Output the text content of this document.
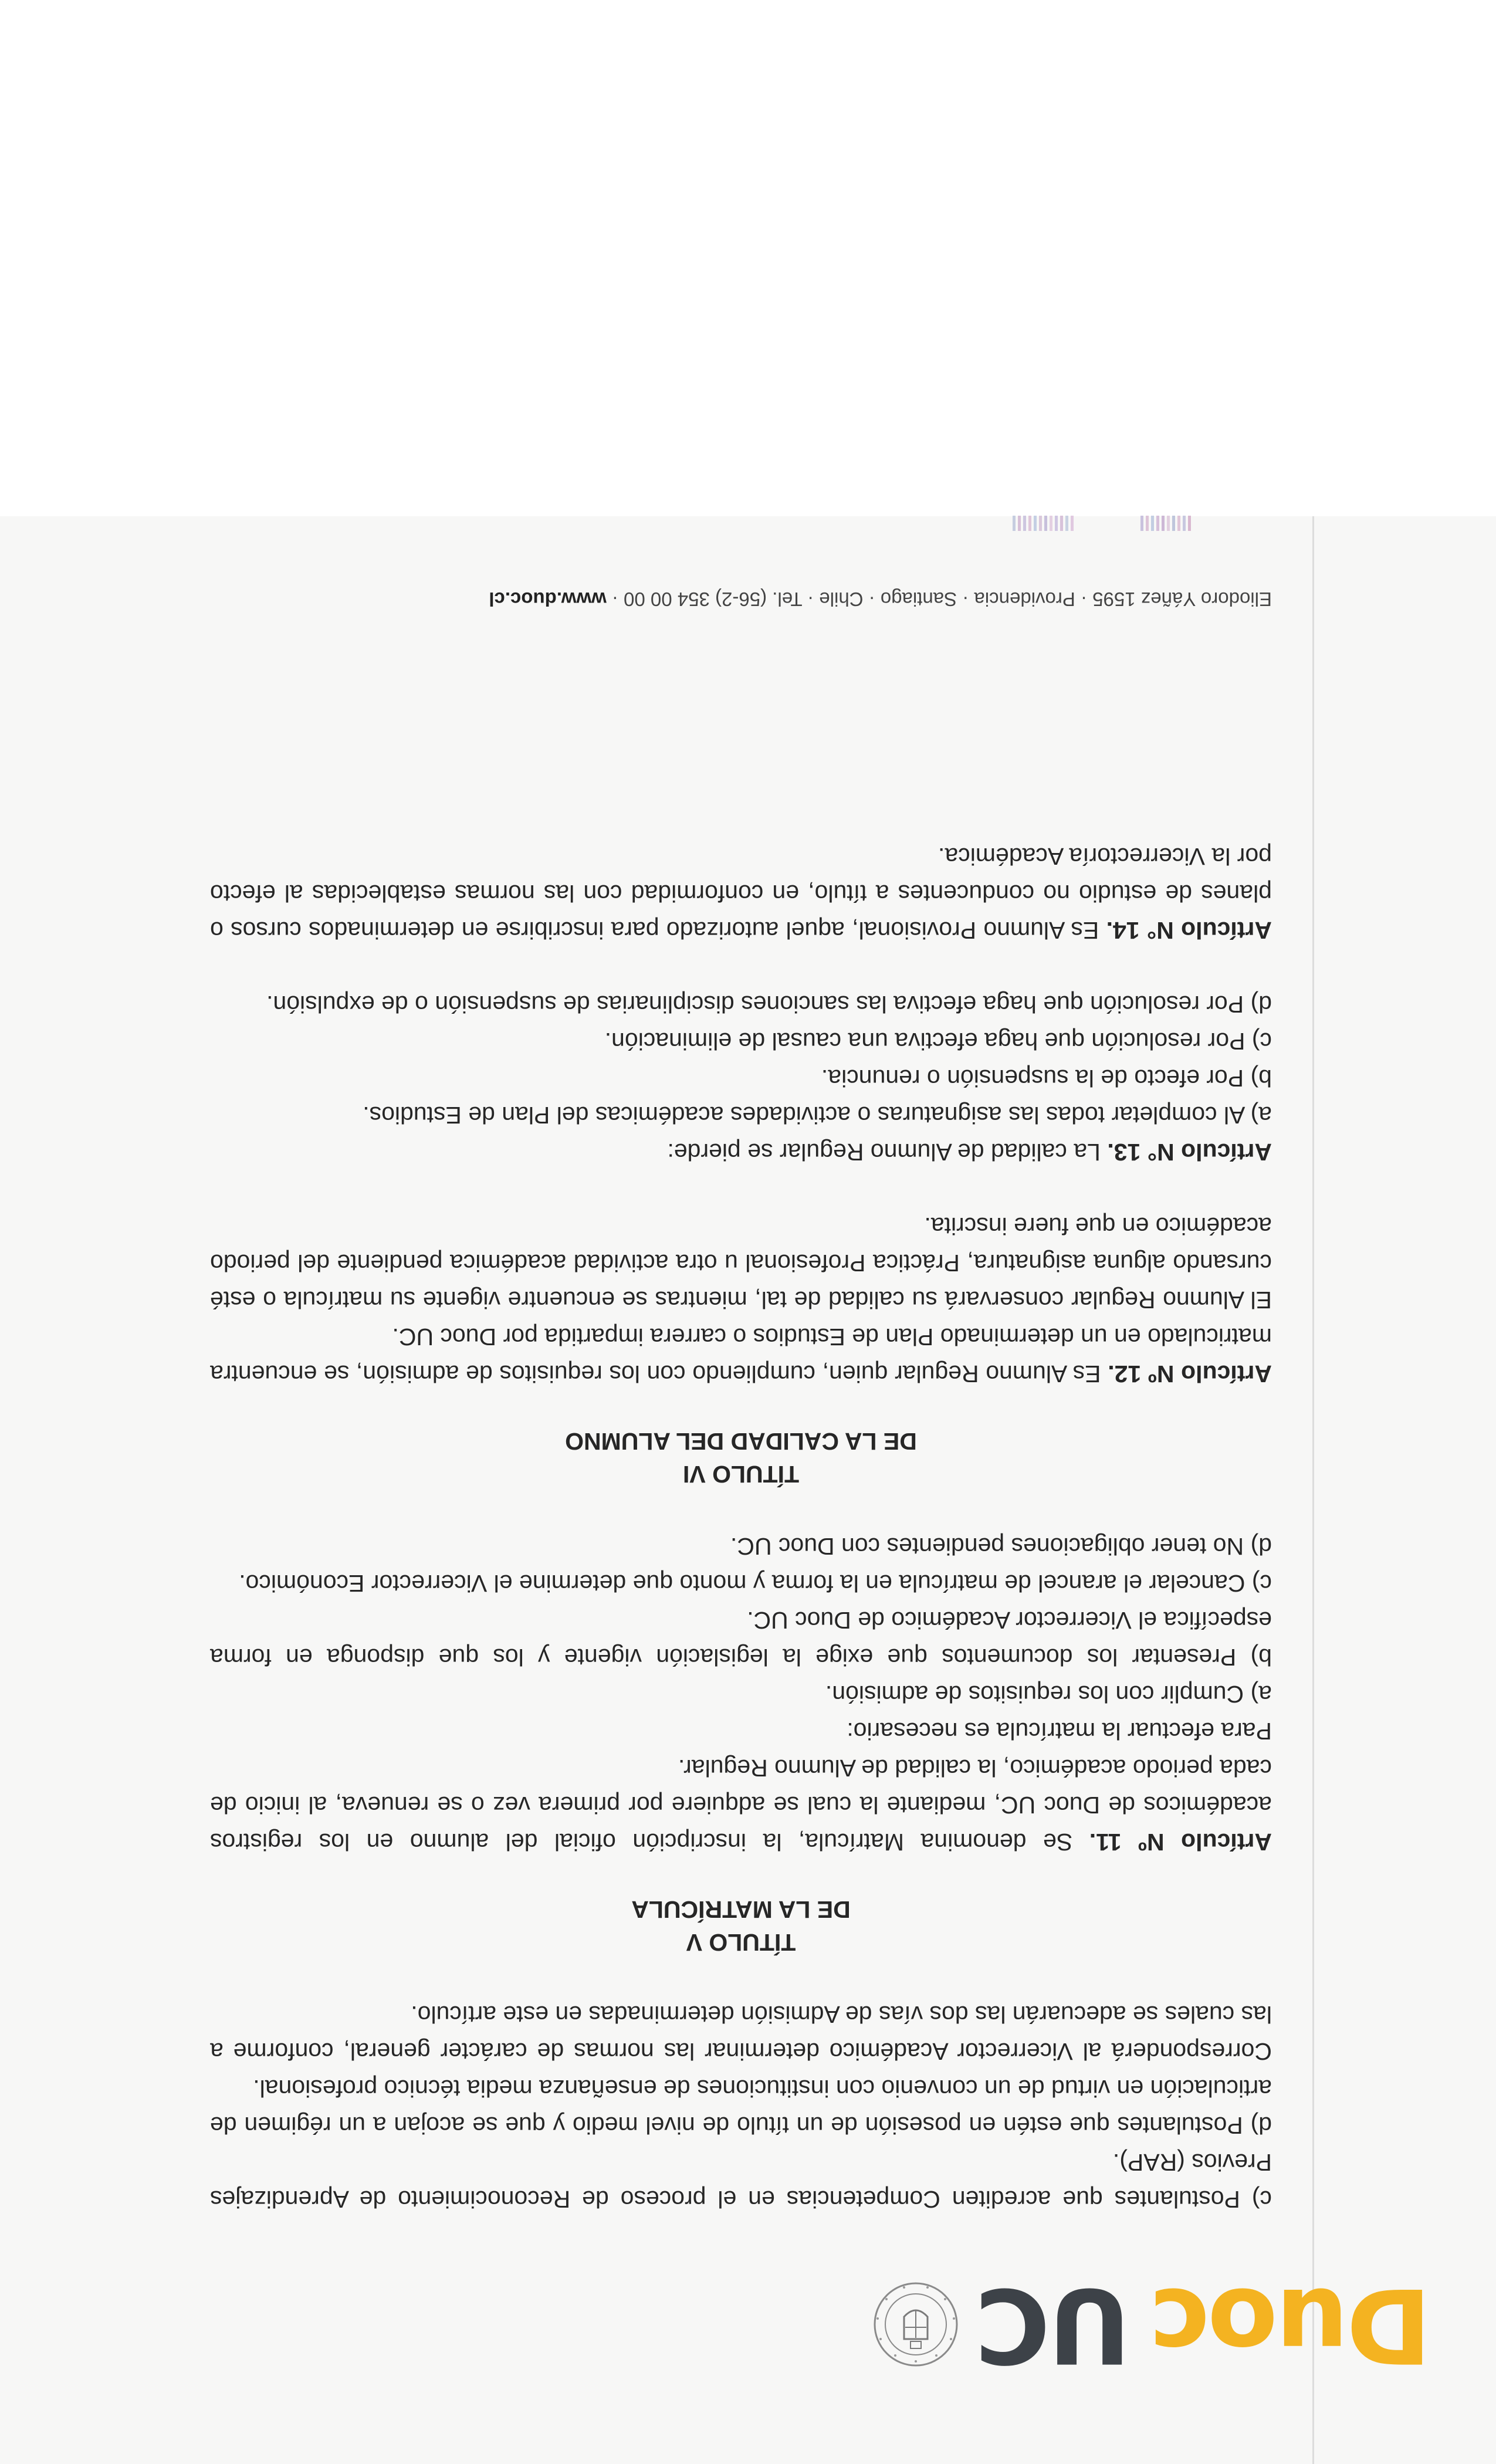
Duoc
UC

c) Postulantes que acrediten Competencias en el proceso de Reconocimiento de Aprendizajes Previos (RAP).

d) Postulantes que estén en posesión de un título de nivel medio y que se acojan a un régimen de articulación en virtud de un convenio con instituciones de enseñanza media técnico profesional.

Corresponderá al Vicerrector Académico determinar las normas de carácter general, conforme a las cuales se adecuarán las dos vías de Admisión determinadas en este artículo.

TÍTULO V
DE LA MATRÍCULA

Artículo Nº 11. Se denomina Matrícula, la inscripción oficial del alumno en los registros académicos de Duoc UC, mediante la cual se adquiere por primera vez o se renueva, al inicio de cada periodo académico, la calidad de Alumno Regular.

Para efectuar la matrícula es necesario:

a) Cumplir con los requisitos de admisión.

b) Presentar los documentos que exige la legislación vigente y los que disponga en forma específica el Vicerrector Académico de Duoc UC.

c) Cancelar el arancel de matrícula en la forma y monto que determine el Vicerrector Económico.

d) No tener obligaciones pendientes con Duoc UC.

TÍTULO VI
DE LA CALIDAD DEL ALUMNO

Artículo Nº 12. Es Alumno Regular quien, cumpliendo con los requisitos de admisión, se encuentra matriculado en un determinado Plan de Estudios o carrera impartida por Duoc UC.

El Alumno Regular conservará su calidad de tal, mientras se encuentre vigente su matrícula o esté cursando alguna asignatura, Práctica Profesional u otra actividad académica pendiente del periodo académico en que fuere inscrita.

Artículo N° 13. La calidad de Alumno Regular se pierde:

a) Al completar todas las asignaturas o actividades académicas del Plan de Estudios.

b) Por efecto de la suspensión o renuncia.

c) Por resolución que haga efectiva una causal de eliminación.

d) Por resolución que haga efectiva las sanciones disciplinarias de suspensión o de expulsión.

Artículo N° 14. Es Alumno Provisional, aquel autorizado para inscribirse en determinados cursos o planes de estudio no conducentes a título, en conformidad con las normas establecidas al efecto por la Vicerrectoría Académica.

Eliodoro Yáñez 1595 · Providencia · Santiago · Chile · Tel. (56-2) 354 00 00 · www.duoc.cl
